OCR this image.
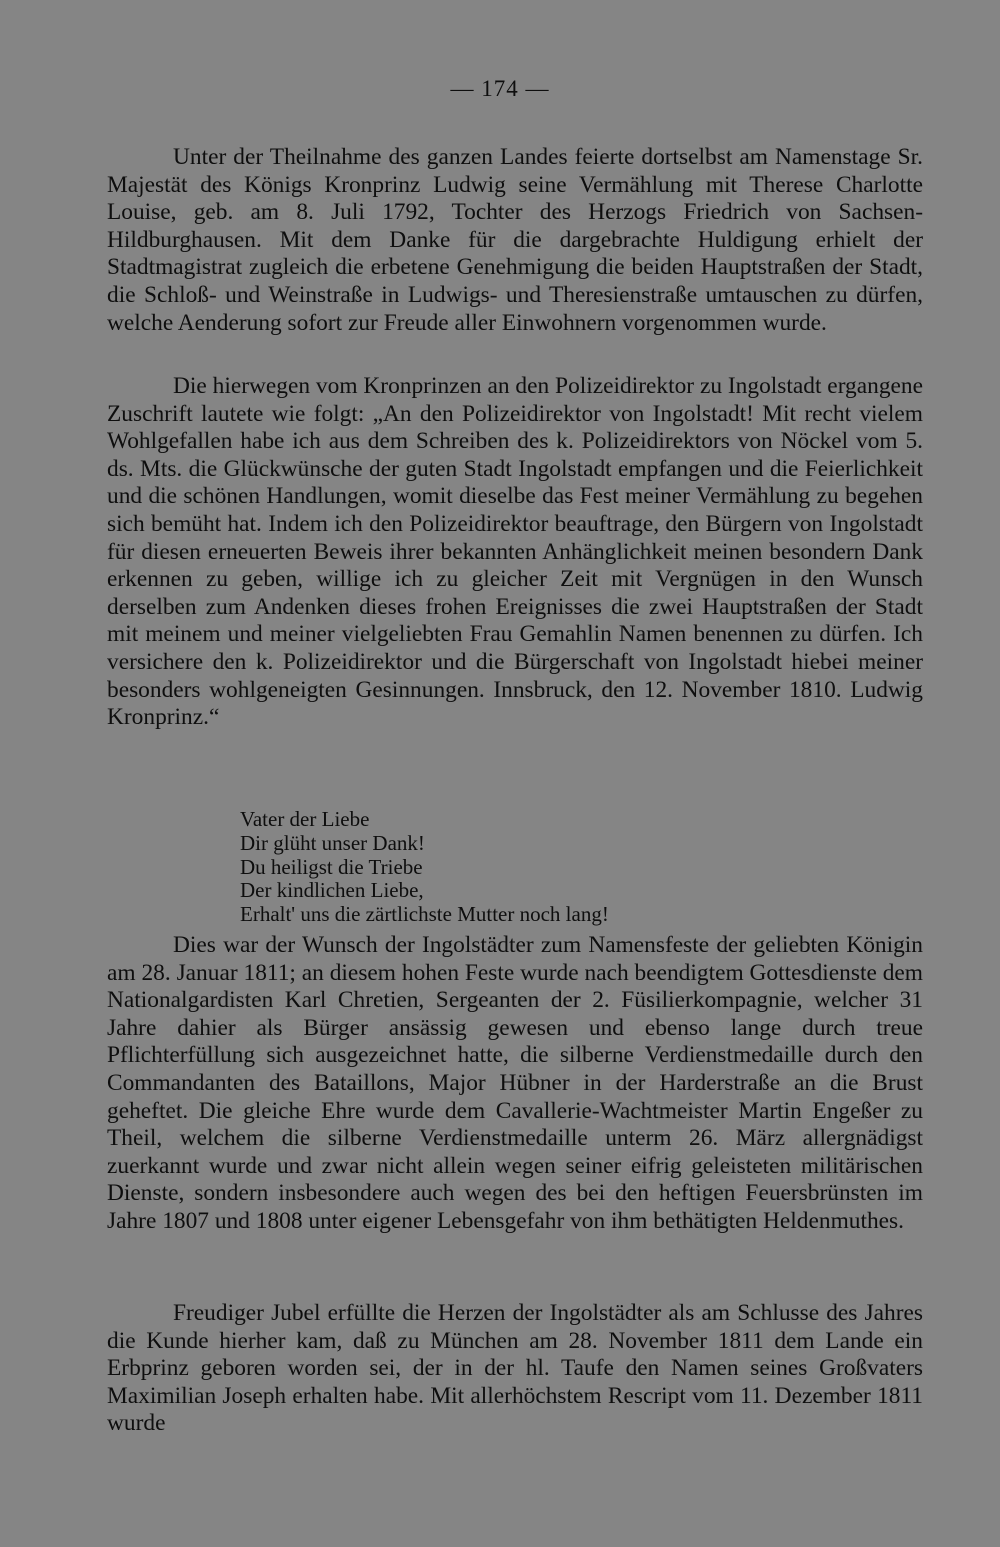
— 174 —

Unter der Theilnahme des ganzen Landes feierte dortselbst am Namenstage Sr. Majestät des Königs Kronprinz Ludwig seine Vermählung mit Therese Charlotte Louise, geb. am 8. Juli 1792, Tochter des Herzogs Friedrich von Sachsen-Hildburghausen. Mit dem Danke für die dargebrachte Huldigung erhielt der Stadtmagistrat zugleich die erbetene Genehmigung die beiden Hauptstraßen der Stadt, die Schloß- und Weinstraße in Ludwigs- und Theresienstraße umtauschen zu dürfen, welche Aenderung sofort zur Freude aller Einwohnern vorgenommen wurde.

Die hierwegen vom Kronprinzen an den Polizeidirektor zu Ingolstadt ergangene Zuschrift lautete wie folgt: „An den Polizeidirektor von Ingolstadt! Mit recht vielem Wohlgefallen habe ich aus dem Schreiben des k. Polizeidirektors von Nöckel vom 5. ds. Mts. die Glückwünsche der guten Stadt Ingolstadt empfangen und die Feierlichkeit und die schönen Handlungen, womit dieselbe das Fest meiner Vermählung zu begehen sich bemüht hat. Indem ich den Polizeidirektor beauftrage, den Bürgern von Ingolstadt für diesen erneuerten Beweis ihrer bekannten Anhänglichkeit meinen besondern Dank erkennen zu geben, willige ich zu gleicher Zeit mit Vergnügen in den Wunsch derselben zum Andenken dieses frohen Ereignisses die zwei Hauptstraßen der Stadt mit meinem und meiner vielgeliebten Frau Gemahlin Namen benennen zu dürfen. Ich versichere den k. Polizeidirektor und die Bürgerschaft von Ingolstadt hiebei meiner besonders wohlgeneigten Gesinnungen. Innsbruck, den 12. November 1810. Ludwig Kronprinz.“

Vater der Liebe
Dir glüht unser Dank!
Du heiligst die Triebe
Der kindlichen Liebe,
Erhalt' uns die zärtlichste Mutter noch lang!

Dies war der Wunsch der Ingolstädter zum Namensfeste der geliebten Königin am 28. Januar 1811; an diesem hohen Feste wurde nach beendigtem Gottesdienste dem Nationalgardisten Karl Chretien, Sergeanten der 2. Füsilierkompagnie, welcher 31 Jahre dahier als Bürger ansässig gewesen und ebenso lange durch treue Pflichterfüllung sich ausgezeichnet hatte, die silberne Verdienstmedaille durch den Commandanten des Bataillons, Major Hübner in der Harderstraße an die Brust geheftet. Die gleiche Ehre wurde dem Cavallerie-Wachtmeister Martin Engeßer zu Theil, welchem die silberne Verdienstmedaille unterm 26. März allergnädigst zuerkannt wurde und zwar nicht allein wegen seiner eifrig geleisteten militärischen Dienste, sondern insbesondere auch wegen des bei den heftigen Feuersbrünsten im Jahre 1807 und 1808 unter eigener Lebensgefahr von ihm bethätigten Heldenmuthes.

Freudiger Jubel erfüllte die Herzen der Ingolstädter als am Schlusse des Jahres die Kunde hierher kam, daß zu München am 28. November 1811 dem Lande ein Erbprinz geboren worden sei, der in der hl. Taufe den Namen seines Großvaters Maximilian Joseph erhalten habe. Mit allerhöchstem Rescript vom 11. Dezember 1811 wurde
